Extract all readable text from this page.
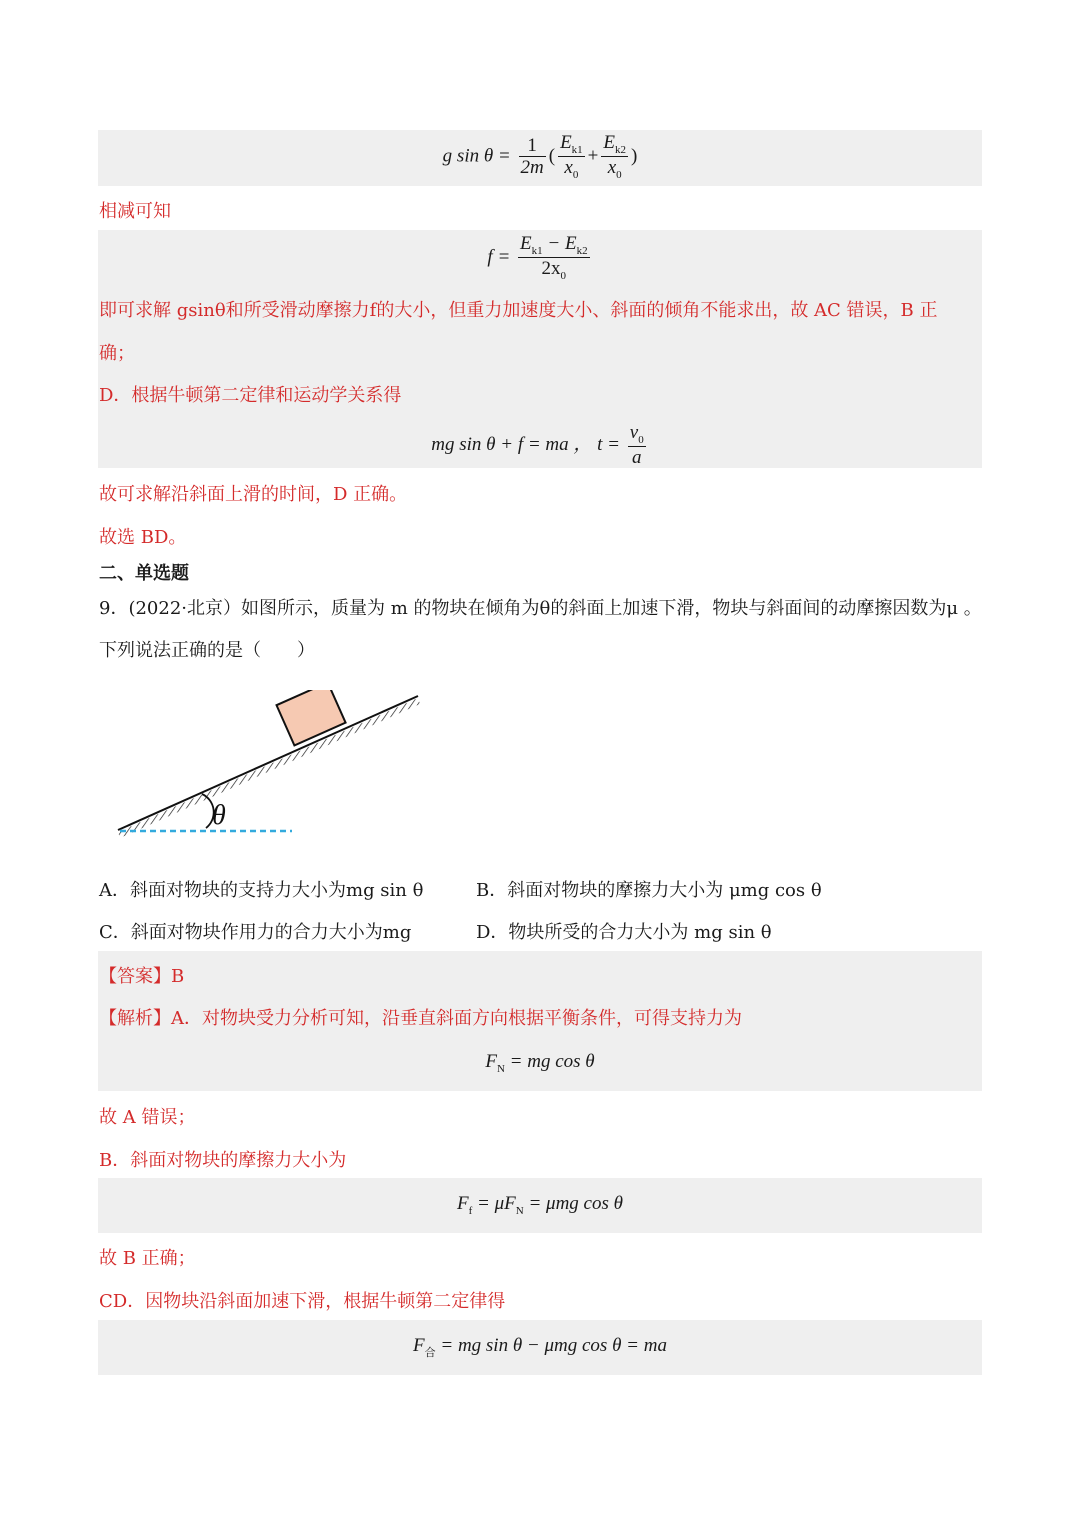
g $\sin \theta = \frac{1}{2m}$ ( $\frac{E_{k1}}{x_0} + \frac{E_{k2}}{x_0}$ )
相减可知
$f = \frac{E_{k1} - E_{k2}}{2x_0}$
即可求解 gsinθ和所受滑动摩擦力f的大小，但重力加速度大小、斜面的倾角不能求出，故 AC 错误，B 正
确；
D．根据牛顿第二定律和运动学关系得
mg sin θ + f = ma ， $t = \frac{v_0}{a}$
故可求解沿斜面上滑的时间，D 正确。
故选 BD。
二、单选题
9．(2022·北京）如图所示，质量为 m 的物块在倾角为θ的斜面上加速下滑，物块与斜面间的动摩擦因数为μ 。
下列说法正确的是（　　）
θ
A．斜面对物块的支持力大小为mg sin θ	B．斜面对物块的摩擦力大小为 μmg cos θ
C．斜面对物块作用力的合力大小为mg	D．物块所受的合力大小为 mg sin θ
【答案】B
【解析】A．对物块受力分析可知，沿垂直斜面方向根据平衡条件，可得支持力为
$F_N$ = mg cos θ
故 A 错误；
B．斜面对物块的摩擦力大小为
$F_f = \mu F_N = \mu mg$ cos θ
故 B 正确；
CD．因物块沿斜面加速下滑，根据牛顿第二定律得
$F_合$ = mg sin θ − μmg cos θ = ma
